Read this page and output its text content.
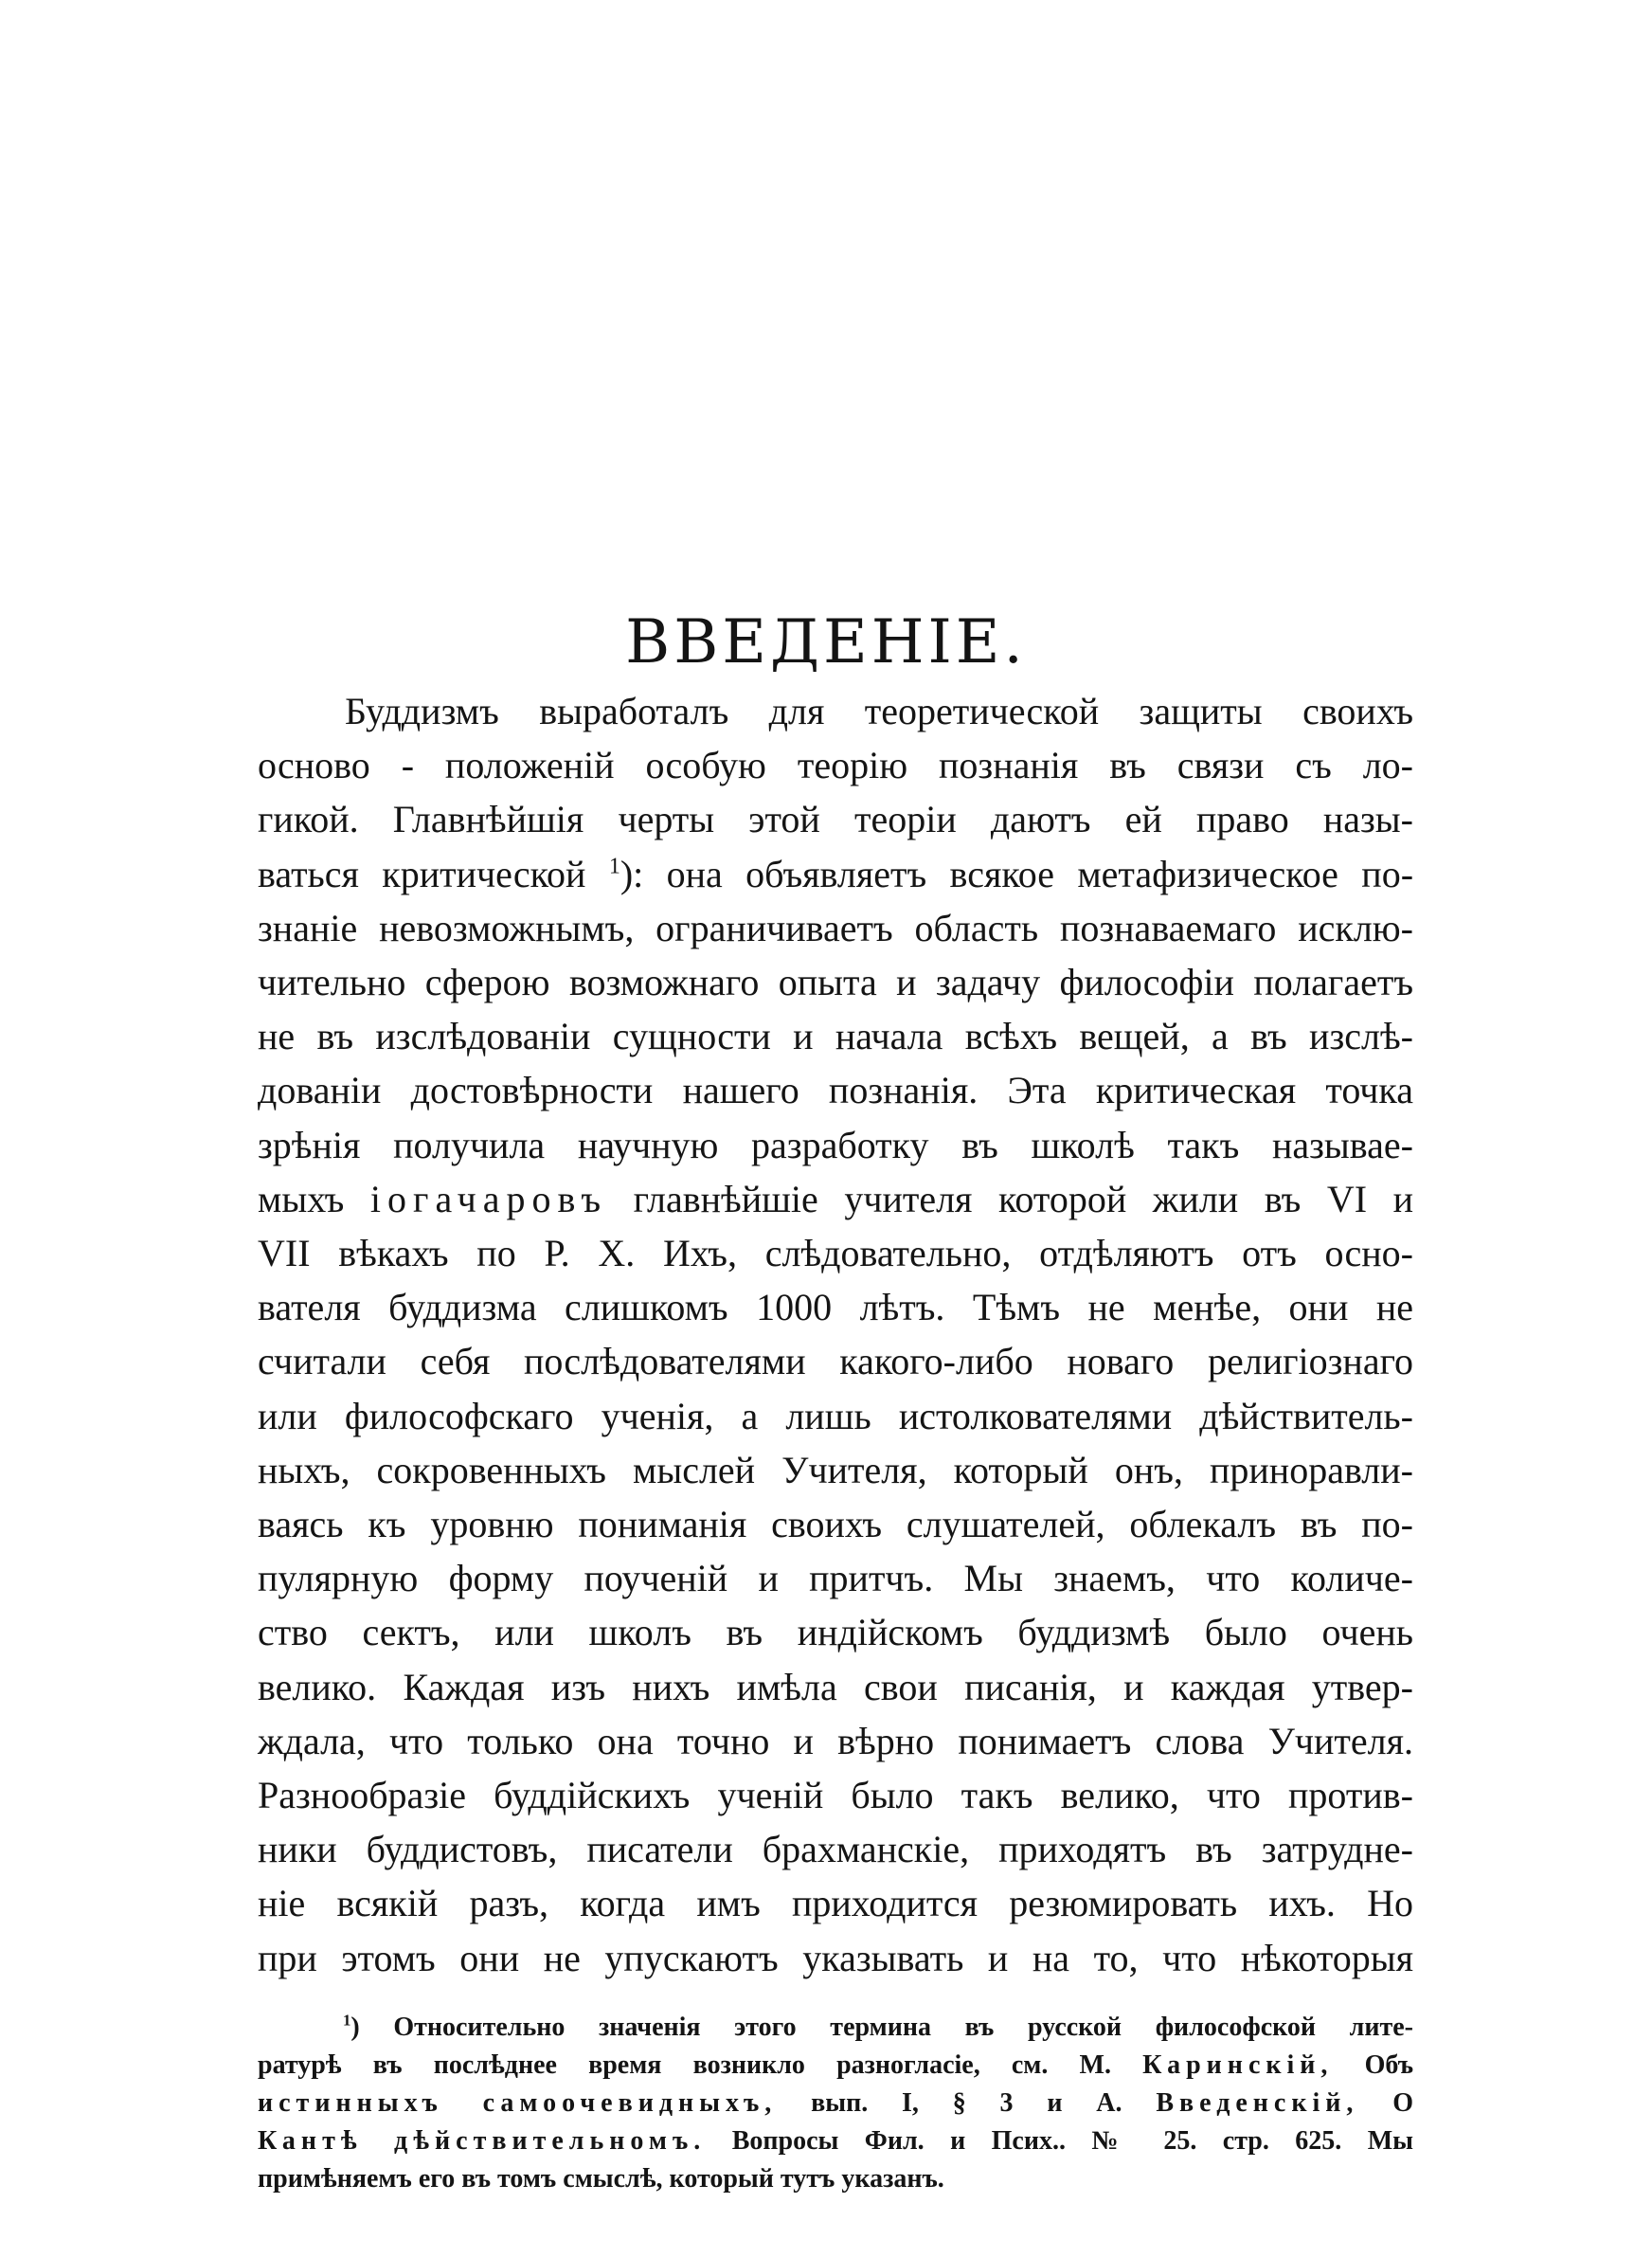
ВВЕДЕНІЕ.
Буддизмъ выработалъ для теоретической защиты своихъ
осново - положеній особую теорію познанія въ связи съ ло-
гикой. Главнѣйшія черты этой теоріи даютъ ей право назы-
ваться критической $^1$): она объявляетъ всякое метафизическое по-
знаніе невозможнымъ, ограничиваетъ область познаваемаго исклю-
чительно сферою возможнаго опыта и задачу философіи полагаетъ
не въ изслѣдованіи сущности и начала всѣхъ вещей, а въ изслѣ-
дованіи достовѣрности нашего познанія. Эта критическая точка
зрѣнія получила научную разработку въ школѣ такъ называе-
мыхъ іогачаровъ главнѣйшіе учителя которой жили въ VI и
VII вѣкахъ по Р. Х. Ихъ, слѣдовательно, отдѣляютъ отъ осно-
вателя буддизма слишкомъ 1000 лѣтъ. Тѣмъ не менѣе, они не
считали себя послѣдователями какого-либо новаго религіознаго
или философскаго ученія, а лишь истолкователями дѣйствитель-
ныхъ, сокровенныхъ мыслей Учителя, который онъ, приноравли-
ваясь къ уровню пониманія своихъ слушателей, облекалъ въ по-
пулярную форму поученій и притчъ. Мы знаемъ, что количе-
ство сектъ, или школъ въ индійскомъ буддизмѣ было очень
велико. Каждая изъ нихъ имѣла свои писанія, и каждая утвер-
ждала, что только она точно и вѣрно понимаетъ слова Учителя.
Разнообразіе буддійскихъ ученій было такъ велико, что против-
ники буддистовъ, писатели брахманскіе, приходятъ въ затрудне-
ніе всякій разъ, когда имъ приходится резюмировать ихъ. Но
при этомъ они не упускаютъ указывать и на то, что нѣкоторыя
$^1$) Относительно значенія этого термина въ русской философской лите-
ратурѣ въ послѣднее время возникло разногласіе, см. М. Каринскій, Объ
истинныхъ самоочевидныхъ, вып. I, § 3 и А. Введенскій, О
Кантѣ дѣйствительномъ. Вопросы Фил. и Псих.. № 25. стр. 625. Мы
примѣняемъ его въ томъ смыслѣ, который тутъ указанъ.
